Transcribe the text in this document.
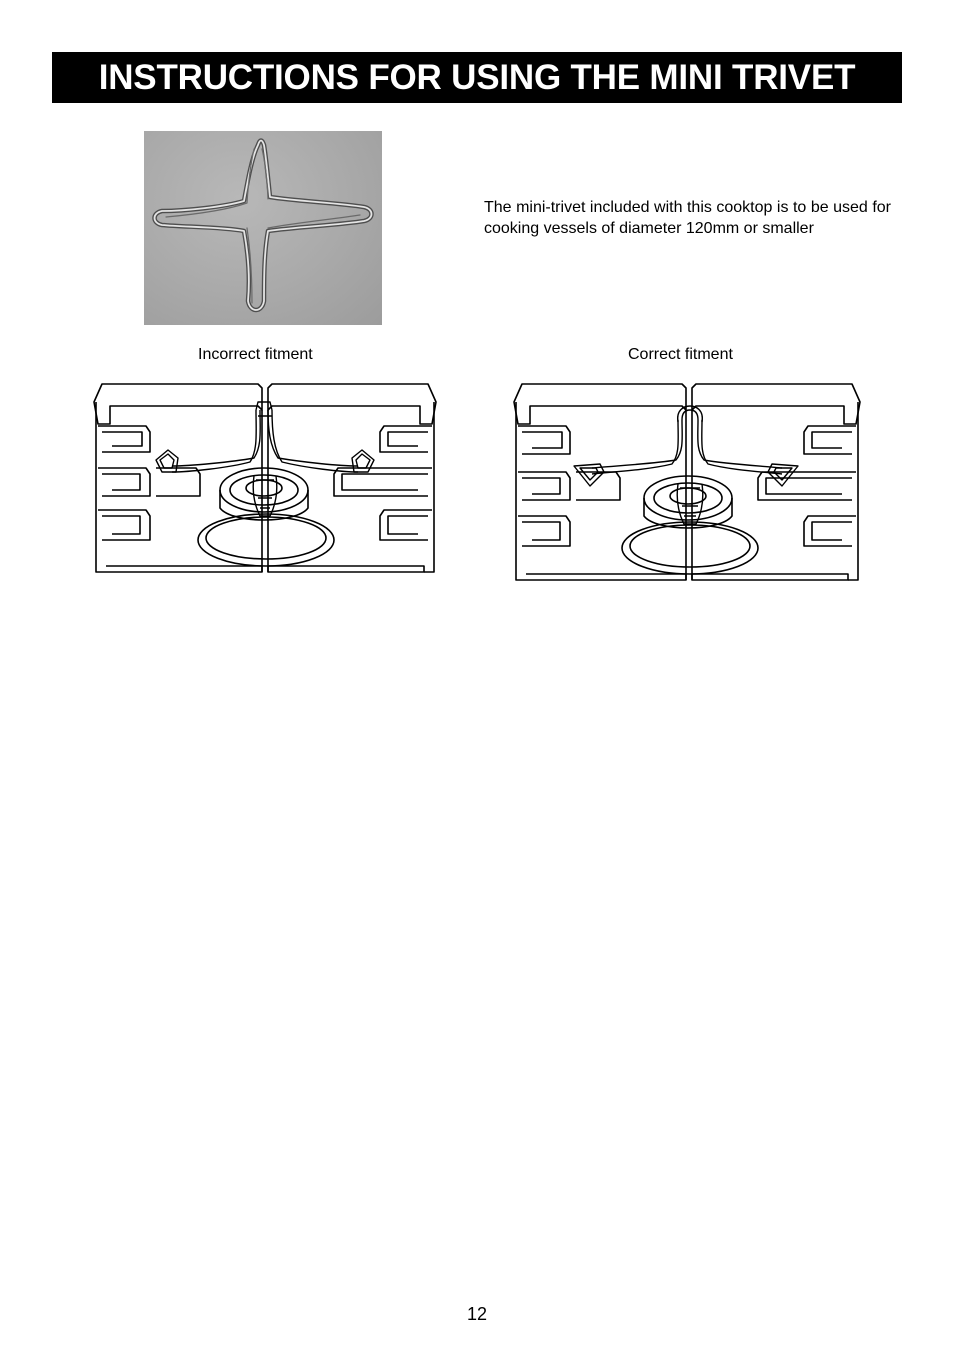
INSTRUCTIONS FOR USING THE MINI TRIVET
The mini-trivet included with this cooktop is to be used for cooking vessels of diameter 120mm or smaller
Incorrect fitment	Correct fitment
12
